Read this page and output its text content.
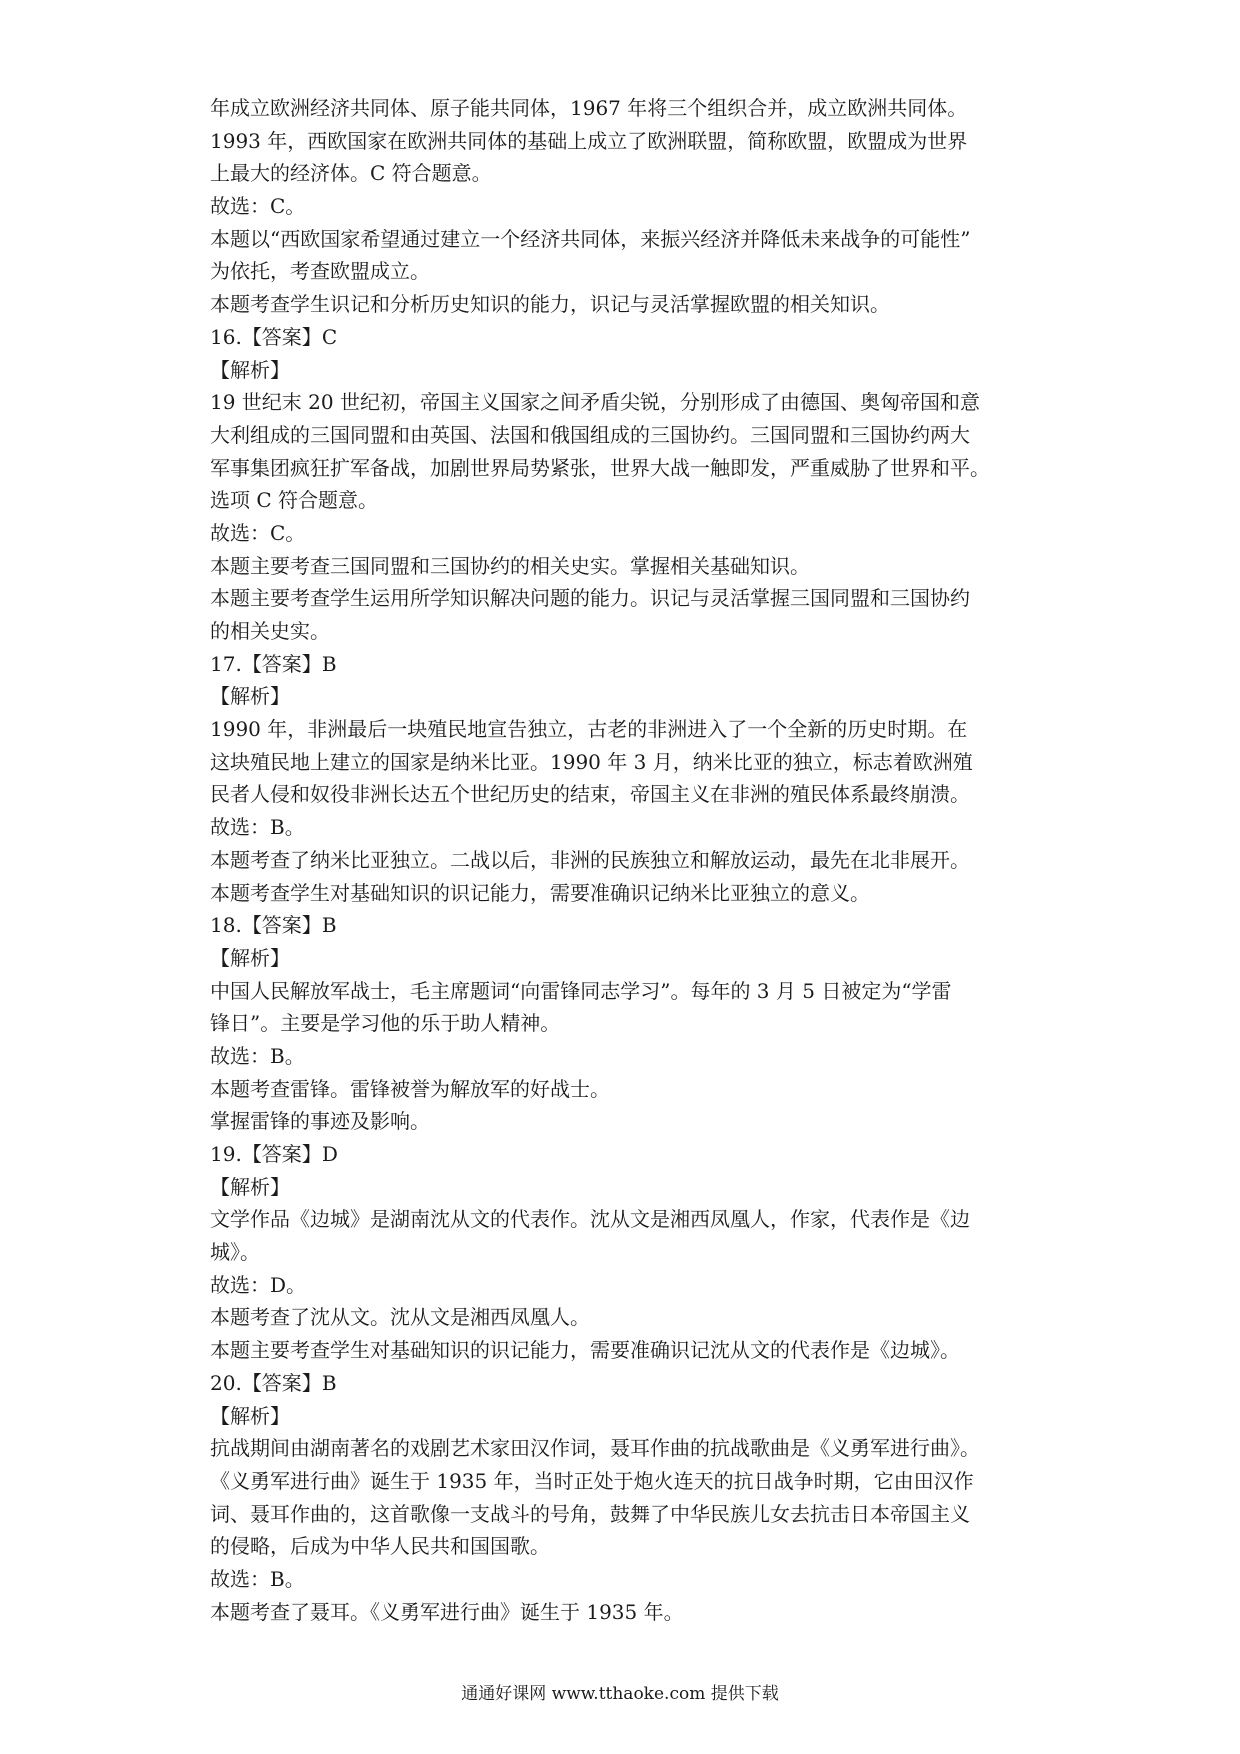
年成立欧洲经济共同体、原子能共同体，1967 年将三个组织合并，成立欧洲共同体。
1993 年，西欧国家在欧洲共同体的基础上成立了欧洲联盟，简称欧盟，欧盟成为世界
上最大的经济体。C 符合题意。
故选：C。
本题以“西欧国家希望通过建立一个经济共同体，来振兴经济并降低未来战争的可能性”
为依托，考查欧盟成立。
本题考查学生识记和分析历史知识的能力，识记与灵活掌握欧盟的相关知识。
16.【答案】C
【解析】
19 世纪末 20 世纪初，帝国主义国家之间矛盾尖锐，分别形成了由德国、奥匈帝国和意
大利组成的三国同盟和由英国、法国和俄国组成的三国协约。三国同盟和三国协约两大
军事集团疯狂扩军备战，加剧世界局势紧张，世界大战一触即发，严重威胁了世界和平。
选项 C 符合题意。
故选：C。
本题主要考查三国同盟和三国协约的相关史实。掌握相关基础知识。
本题主要考查学生运用所学知识解决问题的能力。识记与灵活掌握三国同盟和三国协约
的相关史实。
17.【答案】B
【解析】
1990 年，非洲最后一块殖民地宣告独立，古老的非洲进入了一个全新的历史时期。在
这块殖民地上建立的国家是纳米比亚。1990 年 3 月，纳米比亚的独立，标志着欧洲殖
民者人侵和奴役非洲长达五个世纪历史的结束，帝国主义在非洲的殖民体系最终崩溃。
故选：B。
本题考查了纳米比亚独立。二战以后，非洲的民族独立和解放运动，最先在北非展开。
本题考查学生对基础知识的识记能力，需要准确识记纳米比亚独立的意义。
18.【答案】B
【解析】
中国人民解放军战士，毛主席题词“向雷锋同志学习”。每年的 3 月 5 日被定为“学雷
锋日”。主要是学习他的乐于助人精神。
故选：B。
本题考查雷锋。雷锋被誉为解放军的好战士。
掌握雷锋的事迹及影响。
19.【答案】D
【解析】
文学作品《边城》是湖南沈从文的代表作。沈从文是湘西凤凰人，作家，代表作是《边
城》。
故选：D。
本题考查了沈从文。沈从文是湘西凤凰人。
本题主要考查学生对基础知识的识记能力，需要准确识记沈从文的代表作是《边城》。
20.【答案】B
【解析】
抗战期间由湖南著名的戏剧艺术家田汉作词，聂耳作曲的抗战歌曲是《义勇军进行曲》。
《义勇军进行曲》诞生于 1935 年，当时正处于炮火连天的抗日战争时期，它由田汉作
词、聂耳作曲的，这首歌像一支战斗的号角，鼓舞了中华民族儿女去抗击日本帝国主义
的侵略，后成为中华人民共和国国歌。
故选：B。
本题考查了聂耳。《义勇军进行曲》诞生于 1935 年。
通通好课网 www.tthaoke.com 提供下载
